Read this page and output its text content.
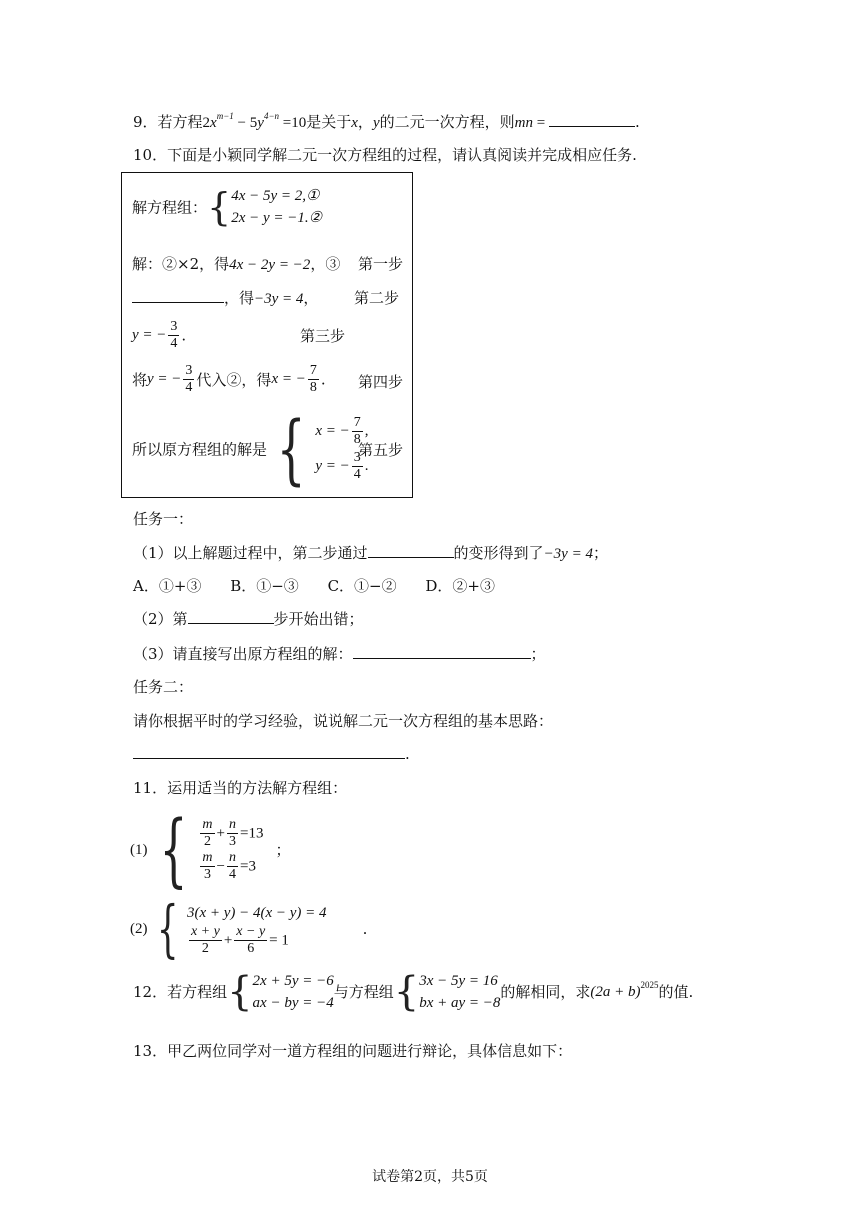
9．若方程$2x^{m-1} - 5y^{4-n} =10$是关于x，y的二元一次方程，则mn =	.
10．下面是小颖同学解二元一次方程组的过程，请认真阅读并完成相应任务.
解方程组： { 4x − 5y = 2,①
2x − y = −1.②
解：②×2，得4x − 2y = −2，③ 第一步
，得−3y = 4， 第二步
y = − $\frac{3}{4}$ .	第三步
将y = − $\frac{3}{4}$ 代入②，得x = − $\frac{7}{8}$ . 第四步
所以原方程组的解是 { x = − $\frac{7}{8}$ ,
y = − $\frac{3}{4}$ .
第五步
任务一：
（1）以上解题过程中，第二步通过	的变形得到了−3y = 4；
A．①+③ B．①−③ C．①−② D．②+③
（2）第	步开始出错；
（3）请直接写出原方程组的解：	；
任务二：
请你根据平时的学习经验，说说解二元一次方程组的基本思路：
.
11．运用适当的方法解方程组：
(1) { $\frac{m}{2} + \frac{n}{3} =13$
$\frac{m}{3} - \frac{n}{4} =3$
；
(2) { 3(x + y) − 4(x − y) = 4
$\frac{x + y}{2} + \frac{x - y}{6} = 1$
.
12．若方程组 { 2x + 5y = −6
ax − by = −4
与方程组 { 3x − 5y = 16
bx + ay = −8
的解相同，求$(2a + b)^{2025}$的值.
13．甲乙两位同学对一道方程组的问题进行辩论，具体信息如下：
试卷第2页，共5页
